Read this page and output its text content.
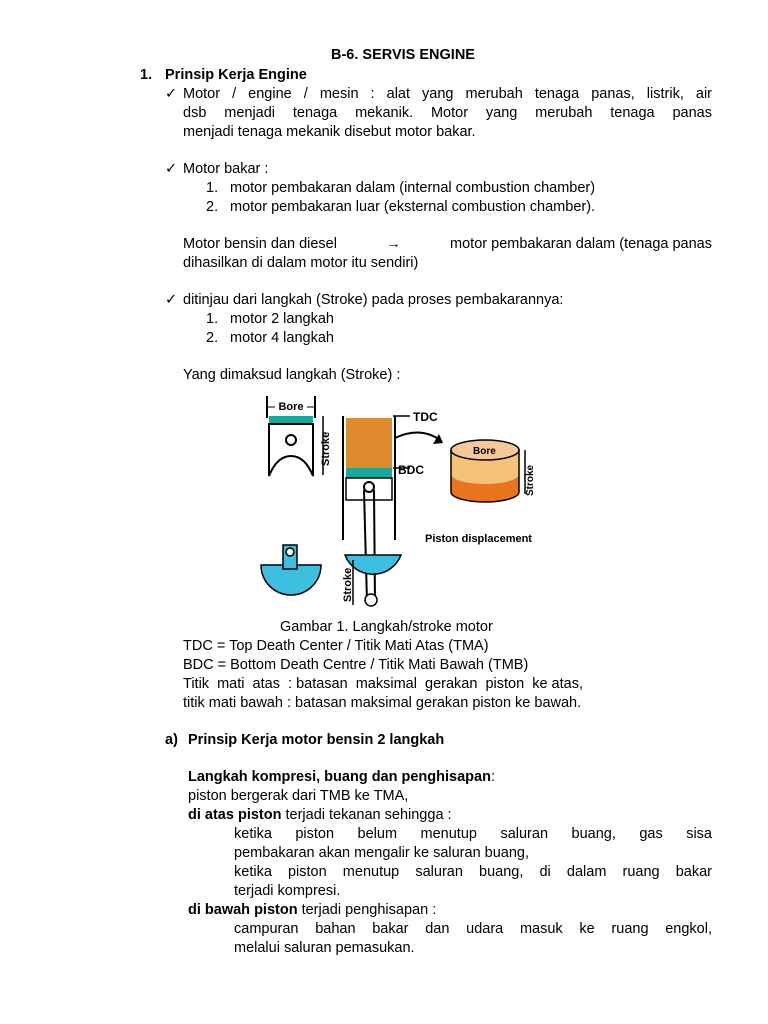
B-6. SERVIS ENGINE
1. Prinsip Kerja Engine
✓ Motor / engine / mesin : alat yang merubah tenaga panas, listrik, air
dsb menjadi tenaga mekanik. Motor yang merubah tenaga panas
menjadi tenaga mekanik disebut motor bakar.
✓ Motor bakar :
1. motor pembakaran dalam (internal combustion chamber)
2. motor pembakaran luar (eksternal combustion chamber).
Motor bensin dan diesel	→	motor pembakaran dalam (tenaga panas
dihasilkan di dalam motor itu sendiri)
✓ ditinjau dari langkah (Stroke) pada proses pembakarannya:
1. motor 2 langkah
2. motor 4 langkah
Yang dimaksud langkah (Stroke) :
Bore
Stroke
Stroke
TDC
BDC
Bore
Stroke
Piston displacement
Gambar 1. Langkah/stroke motor
TDC = Top Death Center / Titik Mati Atas (TMA)
BDC = Bottom Death Centre / Titik Mati Bawah (TMB)
Titik  mati  atas  : batasan  maksimal  gerakan  piston  ke atas,
titik mati bawah : batasan maksimal gerakan piston ke bawah.
a) Prinsip Kerja motor bensin 2 langkah
Langkah kompresi, buang dan penghisapan:
piston bergerak dari TMB ke TMA,
di atas piston terjadi tekanan sehingga :
ketika piston belum menutup saluran buang, gas sisa
pembakaran akan mengalir ke saluran buang,
ketika piston menutup saluran buang, di dalam ruang bakar
terjadi kompresi.
di bawah piston terjadi penghisapan :
campuran bahan bakar dan udara masuk ke ruang engkol,
melalui saluran pemasukan.
